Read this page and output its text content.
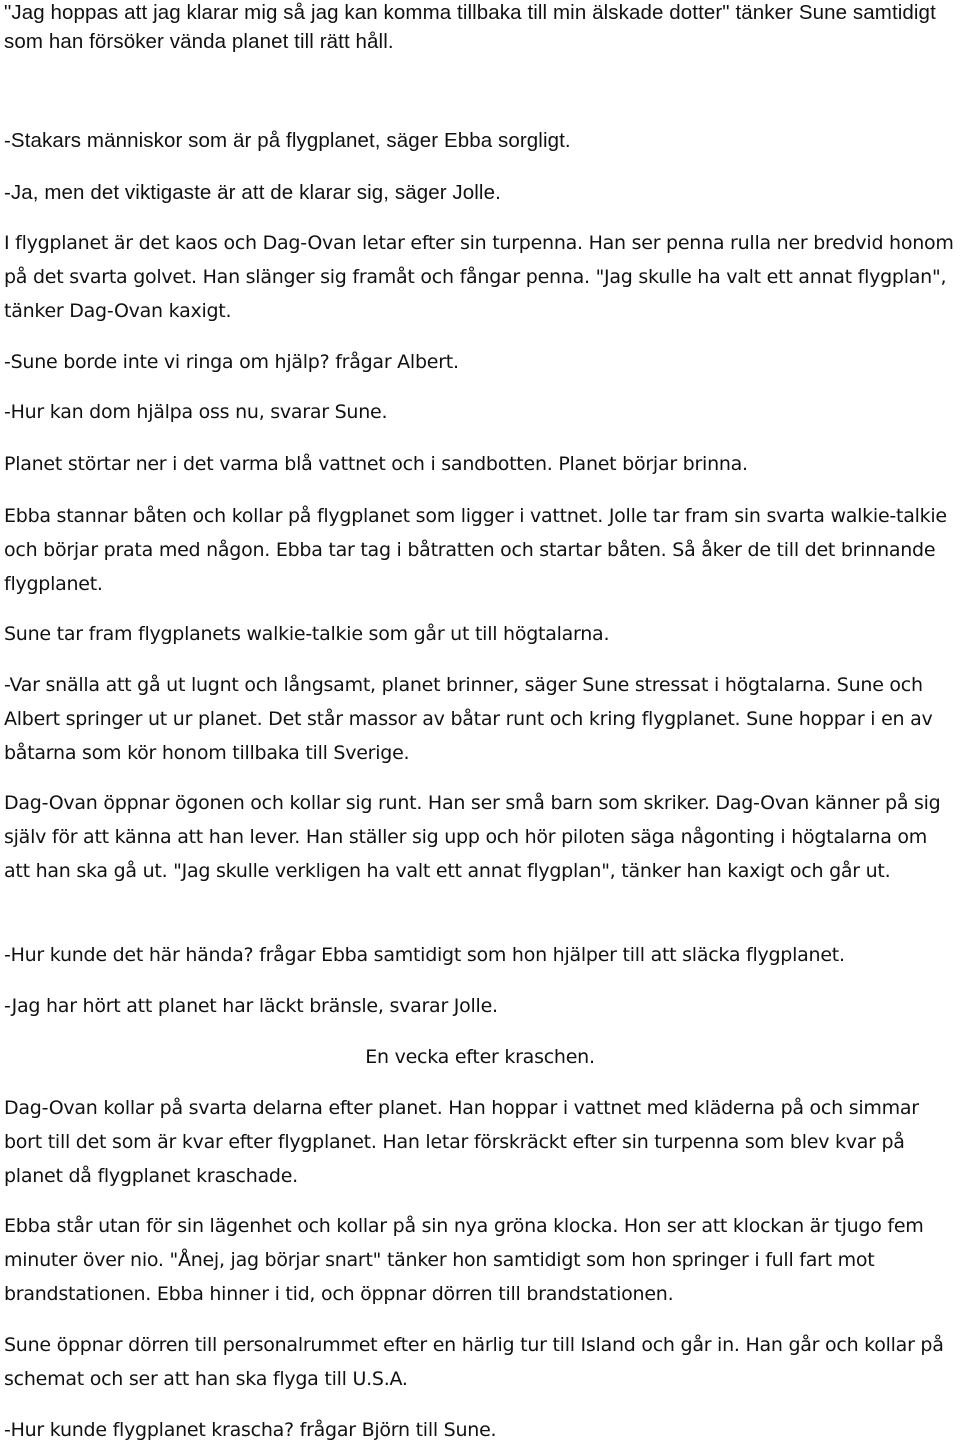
"Jag hoppas att jag klarar mig så jag kan komma tillbaka till min älskade dotter" tänker Sune samtidigt som han försöker vända planet till rätt håll.

-Stakars människor som är på flygplanet, säger Ebba sorgligt.

-Ja, men det viktigaste är att de klarar sig, säger Jolle.

I flygplanet är det kaos och Dag-Ovan letar efter sin turpenna. Han ser penna rulla ner bredvid honom på det svarta golvet. Han slänger sig framåt och fångar penna. "Jag skulle ha valt ett annat flygplan", tänker Dag-Ovan kaxigt.

-Sune borde inte vi ringa om hjälp? frågar Albert.

-Hur kan dom hjälpa oss nu, svarar Sune.

Planet störtar ner i det varma blå vattnet och i sandbotten. Planet börjar brinna.

Ebba stannar båten och kollar på flygplanet som ligger i vattnet. Jolle tar fram sin svarta walkie-talkie och börjar prata med någon. Ebba tar tag i båtratten och startar båten. Så åker de till det brinnande flygplanet.

Sune tar fram flygplanets walkie-talkie som går ut till högtalarna.

-Var snälla att gå ut lugnt och långsamt, planet brinner, säger Sune stressat i högtalarna. Sune och Albert springer ut ur planet. Det står massor av båtar runt och kring flygplanet. Sune hoppar i en av båtarna som kör honom tillbaka till Sverige.

Dag-Ovan öppnar ögonen och kollar sig runt. Han ser små barn som skriker. Dag-Ovan känner på sig själv för att känna att han lever. Han ställer sig upp och hör piloten säga någonting i högtalarna om att han ska gå ut. "Jag skulle verkligen ha valt ett annat flygplan", tänker han kaxigt och går ut.

-Hur kunde det här hända? frågar Ebba samtidigt som hon hjälper till att släcka flygplanet.

-Jag har hört att planet har läckt bränsle, svarar Jolle.

En vecka efter kraschen.

Dag-Ovan kollar på svarta delarna efter planet. Han hoppar i vattnet med kläderna på och simmar bort till det som är kvar efter flygplanet. Han letar förskräckt efter sin turpenna som blev kvar på planet då flygplanet kraschade.

Ebba står utan för sin lägenhet och kollar på sin nya gröna klocka. Hon ser att klockan är tjugo fem minuter över nio. "Ånej, jag börjar snart" tänker hon samtidigt som hon springer i full fart mot brandstationen. Ebba hinner i tid, och öppnar dörren till brandstationen.

Sune öppnar dörren till personalrummet efter en härlig tur till Island och går in. Han går och kollar på schemat och ser att han ska flyga till U.S.A.

-Hur kunde flygplanet krascha? frågar Björn till Sune.
